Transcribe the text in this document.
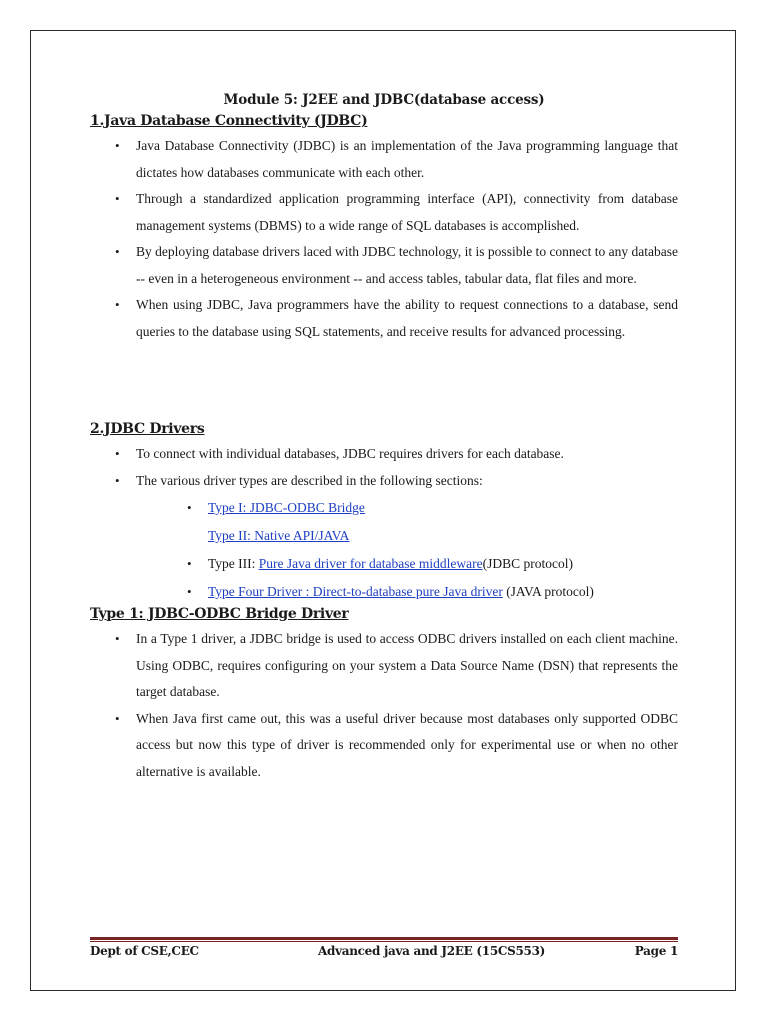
Module 5: J2EE and JDBC(database access)
1.Java Database Connectivity (JDBC)
• Java Database Connectivity (JDBC) is an implementation of the Java programming language that dictates how databases communicate with each other.
• Through a standardized application programming interface (API), connectivity from database management systems (DBMS) to a wide range of SQL databases is accomplished.
• By deploying database drivers laced with JDBC technology, it is possible to connect to any database -- even in a heterogeneous environment -- and access tables, tabular data, flat files and more.
• When using JDBC, Java programmers have the ability to request connections to a database, send queries to the database using SQL statements, and receive results for advanced processing.
2.JDBC Drivers
• To connect with individual databases, JDBC requires drivers for each database.
• The various driver types are described in the following sections:
• Type I: JDBC-ODBC Bridge
Type II: Native API/JAVA
• Type III: Pure Java driver for database middleware(JDBC protocol)
• Type Four Driver : Direct-to-database pure Java driver (JAVA protocol)
Type 1: JDBC-ODBC Bridge Driver
• In a Type 1 driver, a JDBC bridge is used to access ODBC drivers installed on each client machine. Using ODBC, requires configuring on your system a Data Source Name (DSN) that represents the target database.
• When Java first came out, this was a useful driver because most databases only supported ODBC access but now this type of driver is recommended only for experimental use or when no other alternative is available.
Dept of CSE,CEC	Advanced java and J2EE (15CS553)	Page 1
